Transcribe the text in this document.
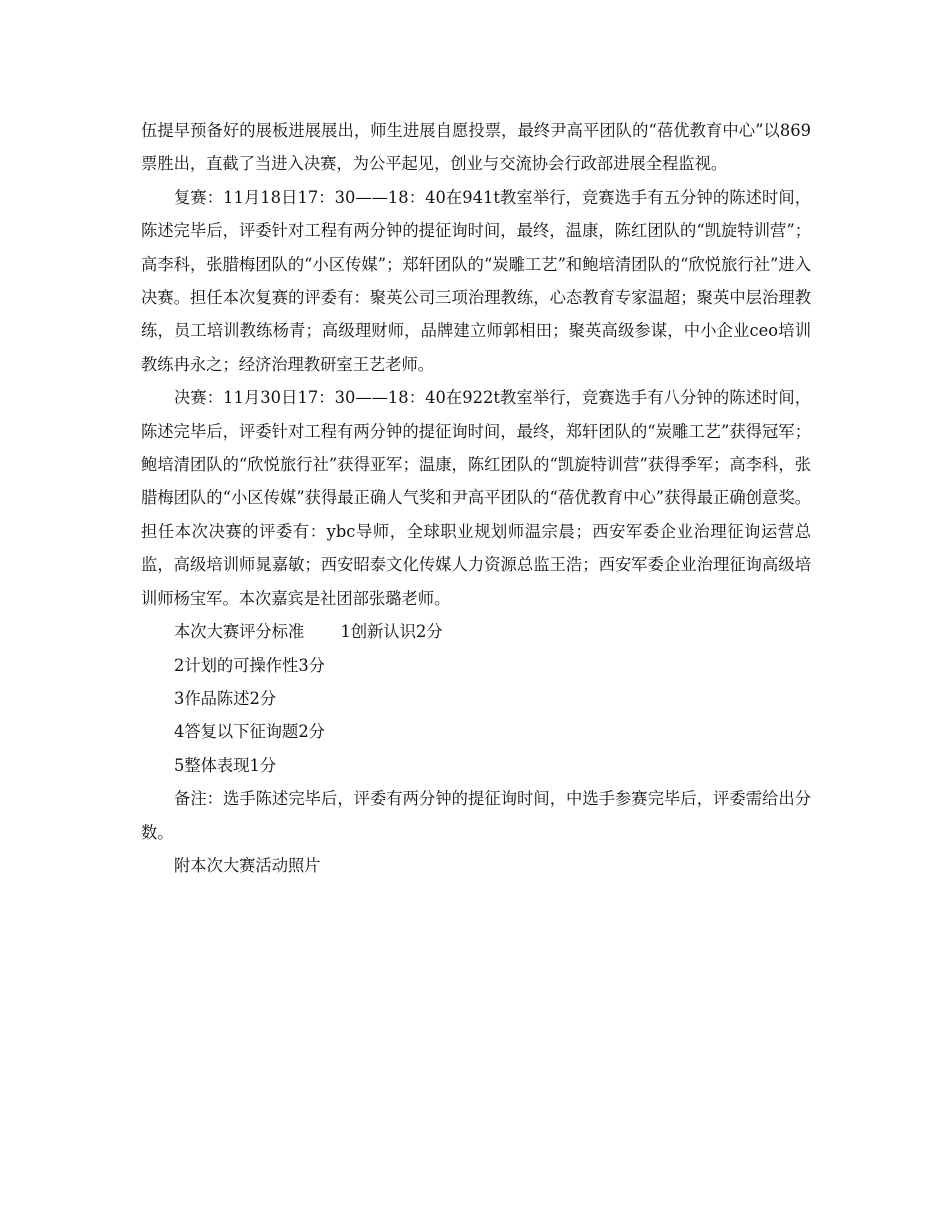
伍提早预备好的展板进展展出，师生进展自愿投票，最终尹高平团队的“蓓优教育中心”以869票胜出，直截了当进入决赛，为公平起见，创业与交流协会行政部进展全程监视。

复赛：11月18日17：30——18：40在941t教室举行，竞赛选手有五分钟的陈述时间，陈述完毕后，评委针对工程有两分钟的提征询时间，最终，温康，陈红团队的“凯旋特训营”；高李科，张腊梅团队的“小区传媒”；郑轩团队的“炭雕工艺”和鲍培清团队的“欣悦旅行社”进入决赛。担任本次复赛的评委有：聚英公司三项治理教练，心态教育专家温超；聚英中层治理教练，员工培训教练杨青；高级理财师，品牌建立师郭相田；聚英高级参谋，中小企业ceo培训教练冉永之；经济治理教研室王艺老师。

决赛：11月30日17：30——18：40在922t教室举行，竞赛选手有八分钟的陈述时间，陈述完毕后，评委针对工程有两分钟的提征询时间，最终，郑轩团队的“炭雕工艺”获得冠军；鲍培清团队的“欣悦旅行社”获得亚军；温康，陈红团队的“凯旋特训营”获得季军；高李科，张腊梅团队的“小区传媒”获得最正确人气奖和尹高平团队的“蓓优教育中心”获得最正确创意奖。担任本次决赛的评委有：ybc导师，全球职业规划师温宗晨；西安军委企业治理征询运营总监，高级培训师晁嘉敏；西安昭泰文化传媒人力资源总监王浩；西安军委企业治理征询高级培训师杨宝军。本次嘉宾是社团部张璐老师。

本次大赛评分标准 1创新认识2分

2计划的可操作性3分

3作品陈述2分

4答复以下征询题2分

5整体表现1分

备注：选手陈述完毕后，评委有两分钟的提征询时间，中选手参赛完毕后，评委需给出分数。

附本次大赛活动照片
